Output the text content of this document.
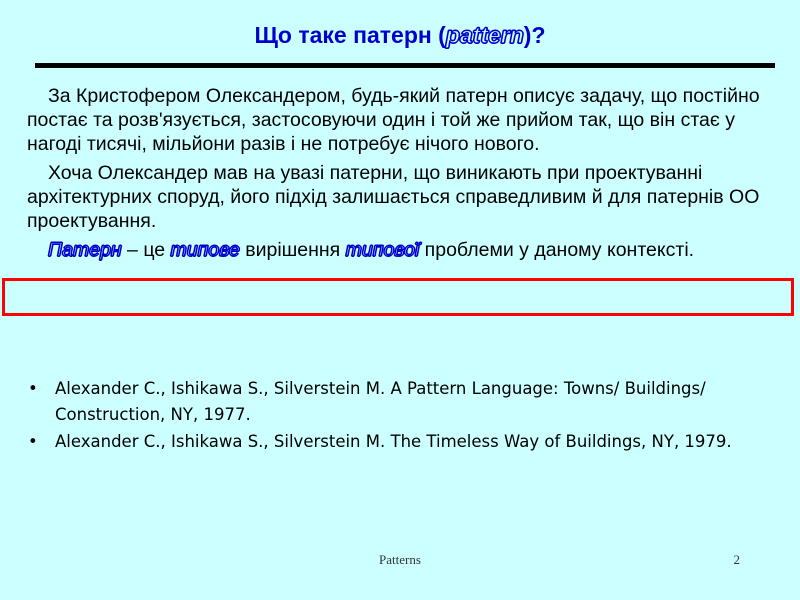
Що таке патерн (pattern)?

За Кристофером Олександером, будь-який патерн описує задачу, що постійно постає та розв'язується, застосовуючи один і той же прийом так, що він стає у нагоді тисячі, мільйони разів і не потребує нічого нового.

Хоча Олександер мав на увазі патерни, що виникають при проектуванні архітектурних споруд, його підхід залишається справедливим й для патернів ОО проектування.

Патерн – це типове вирішення типової проблеми у даному контексті.

• Alexander C., Ishikawa S., Silverstein M. A Pattern Language: Towns/ Buildings/ Construction, NY, 1977.
• Alexander C., Ishikawa S., Silverstein M. The Timeless Way of Buildings, NY, 1979.
Patterns	2
